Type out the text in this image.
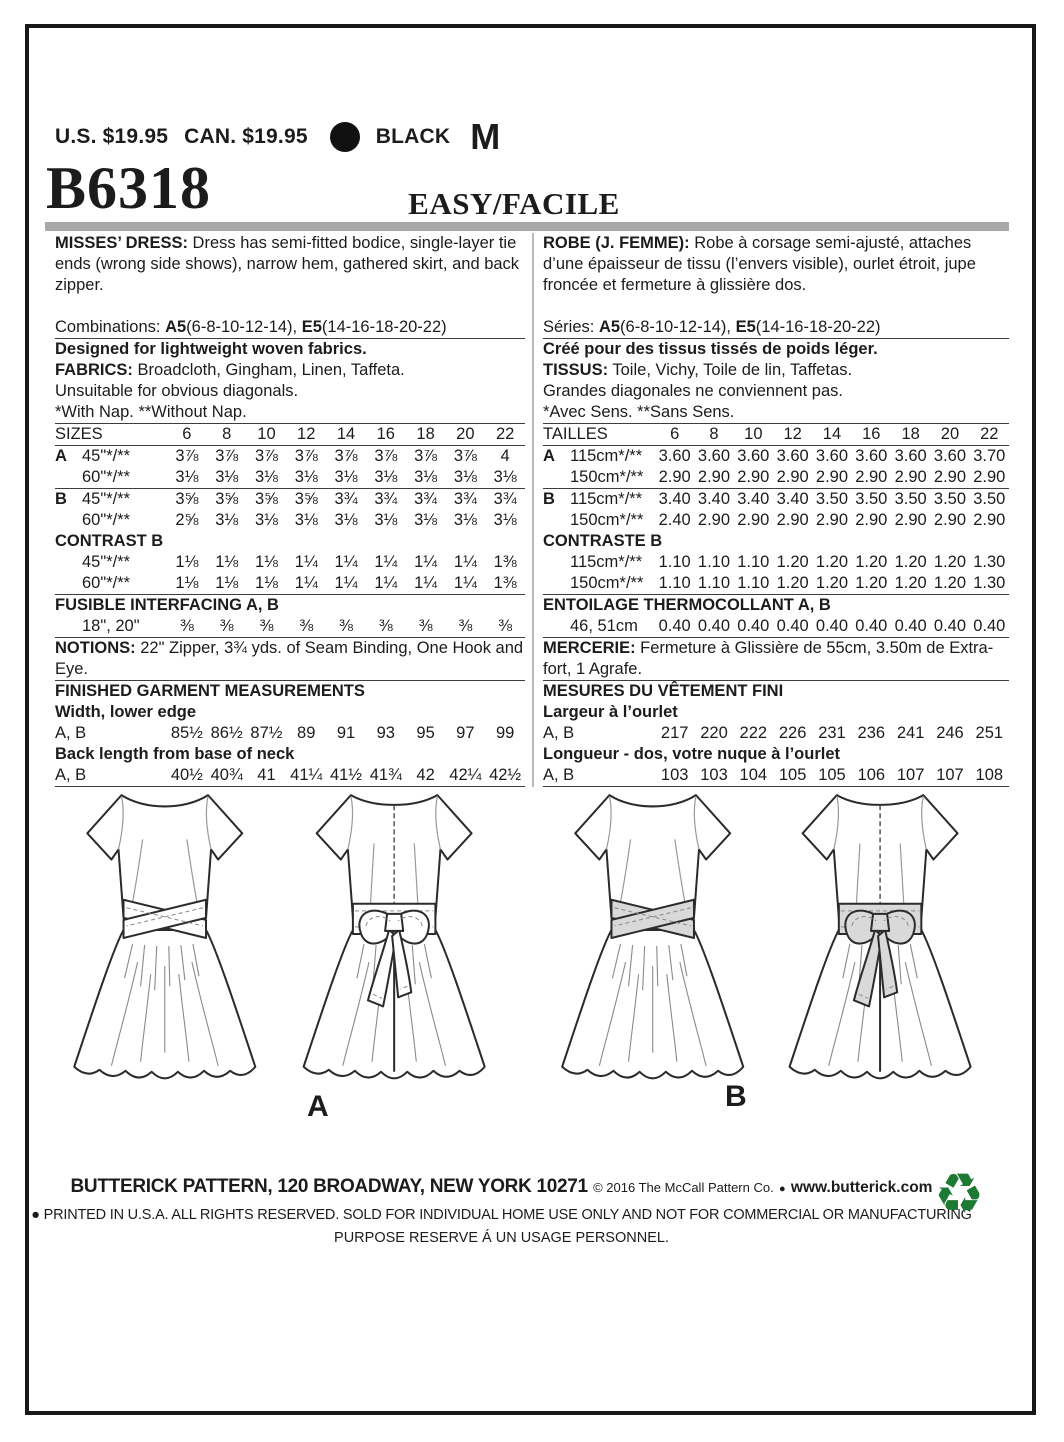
U.S. $19.95 CAN. $19.95	BLACK M
B6318	EASY/FACILE

MISSES’ DRESS: Dress has semi-fitted bodice, single-layer tie ends (wrong side shows), narrow hem, gathered skirt, and back zipper.

Combinations: A5(6-8-10-12-14), E5(14-16-18-20-22)

Designed for lightweight woven fabrics.

FABRICS: Broadcloth, Gingham, Linen, Taffeta.

Unsuitable for obvious diagonals.

*With Nap. **Without Nap.

SIZES	6	8	10	12	14	16	18	20	22
A 45"*/**	3⅞	3⅞	3⅞	3⅞	3⅞	3⅞	3⅞	3⅞	4
60"*/**	3⅛	3⅛	3⅛	3⅛	3⅛	3⅛	3⅛	3⅛	3⅛
B 45"*/**	3⅝	3⅝	3⅝	3⅝	3¾	3¾	3¾	3¾	3¾
60"*/**	2⅝	3⅛	3⅛	3⅛	3⅛	3⅛	3⅛	3⅛	3⅛
CONTRAST B
45"*/**	1⅛	1⅛	1⅛	1¼	1¼	1¼	1¼	1¼	1⅜
60"*/**	1⅛	1⅛	1⅛	1¼	1¼	1¼	1¼	1¼	1⅜
FUSIBLE INTERFACING A, B
18", 20"	⅜	⅜	⅜	⅜	⅜	⅜	⅜	⅜	⅜
NOTIONS: 22" Zipper, 3¾ yds. of Seam Binding, One Hook and Eye.
FINISHED GARMENT MEASUREMENTS
Width, lower edge
A, B	85½ 86½ 87½ 89	91	93	95	97	99
Back length from base of neck
A, B	40½ 40¾ 41 41¼ 41½ 41¾ 42 42¼ 42½

ROBE (J. FEMME): Robe à corsage semi-ajusté, attaches d’une épaisseur de tissu (l’envers visible), ourlet étroit, jupe froncée et fermeture à glissière dos.

Séries: A5(6-8-10-12-14), E5(14-16-18-20-22)

Créé pour des tissus tissés de poids léger.

TISSUS: Toile, Vichy, Toile de lin, Taffetas.

Grandes diagonales ne conviennent pas.

*Avec Sens. **Sans Sens.

TAILLES	6	8	10	12	14	16	18	20	22
A 115cm*/** 3.60 3.60 3.60 3.60 3.60 3.60 3.60 3.60 3.70
150cm*/** 2.90 2.90 2.90 2.90 2.90 2.90 2.90 2.90 2.90
B 115cm*/** 3.40 3.40 3.40 3.40 3.50 3.50 3.50 3.50 3.50
150cm*/** 2.40 2.90 2.90 2.90 2.90 2.90 2.90 2.90 2.90
CONTRASTE B
115cm*/** 1.10 1.10 1.10 1.20 1.20 1.20 1.20 1.20 1.30
150cm*/** 1.10 1.10 1.10 1.20 1.20 1.20 1.20 1.20 1.30
ENTOILAGE THERMOCOLLANT A, B
46, 51cm 0.40 0.40 0.40 0.40 0.40 0.40 0.40 0.40 0.40
MERCERIE: Fermeture à Glissière de 55cm, 3.50m de Extra-fort, 1 Agrafe.
MESURES DU VÊTEMENT FINI
Largeur à l’ourlet
A, B	217 220 222 226 231 236 241 246 251
Longueur - dos, votre nuque à l’ourlet
A, B	103 103 104 105 105 106 107 107 108
A	B
BUTTERICK PATTERN, 120 BROADWAY, NEW YORK 10271 © 2016 The McCall Pattern Co. ● www.butterick.com
● PRINTED IN U.S.A. ALL RIGHTS RESERVED. SOLD FOR INDIVIDUAL HOME USE ONLY AND NOT FOR COMMERCIAL OR MANUFACTURING
PURPOSE RESERVE Á UN USAGE PERSONNEL.
♻
